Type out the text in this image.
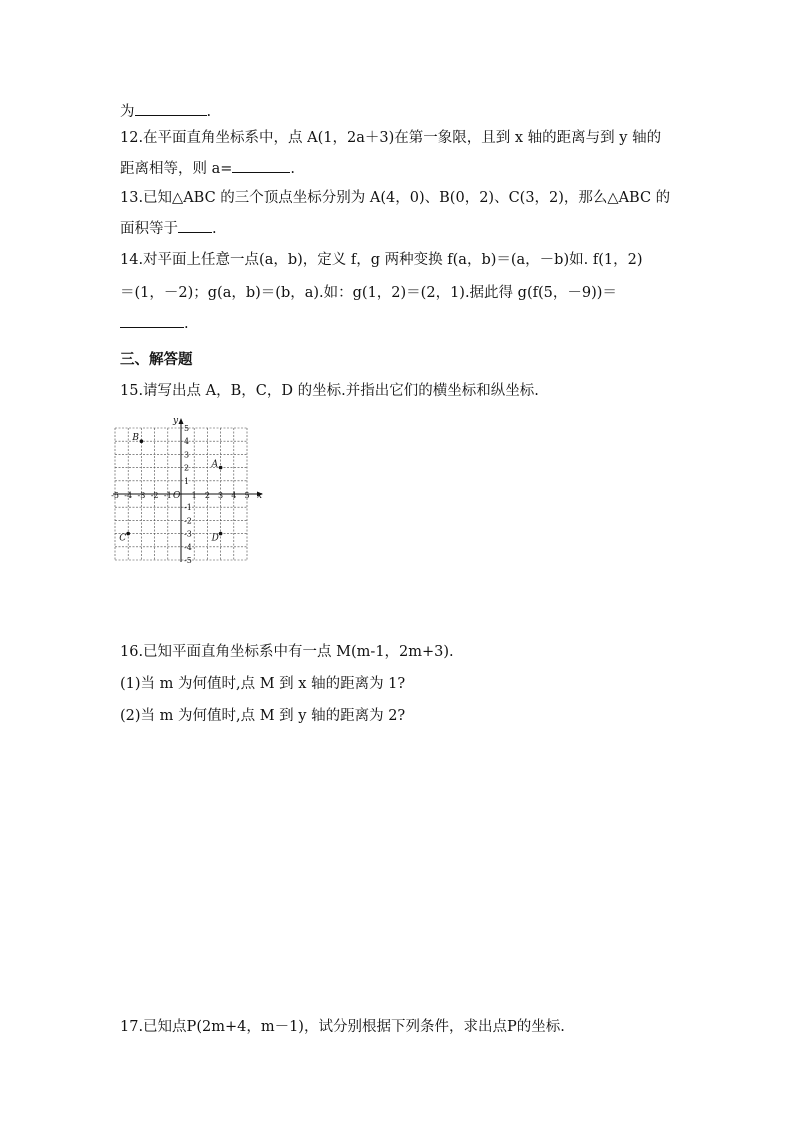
为	.
12.在平面直角坐标系中，点 A(1，2a＋3)在第一象限，且到 x 轴的距离与到 y 轴的
距离相等，则 a=	.
13.已知△ABC 的三个顶点坐标分别为 A(4，0)、B(0，2)、C(3，2)，那么△ABC 的
面积等于 .
14.对平面上任意一点(a，b)，定义 f，g 两种变换 f(a，b)＝(a，－b)如. f(1，2)
＝(1，－2)；g(a，b)＝(b，a).如：g(1，2)＝(2，1).据此得 g(f(5，－9))＝
.
三、解答题
15.请写出点 A，B，C，D 的坐标.并指出它们的横坐标和纵坐标.
x
y
O
-5 -4 -3 -2 -1 1 2 3 4 5
5
4
3
2
1
-1
-2
-3
-4
-5
A
B
C	D
16.已知平面直角坐标系中有一点 M(m-1，2m+3).
(1)当 m 为何值时,点 M 到 x 轴的距离为 1?
(2)当 m 为何值时,点 M 到 y 轴的距离为 2?
17.已知点P(2m+4，m－1)，试分别根据下列条件，求出点P的坐标.
